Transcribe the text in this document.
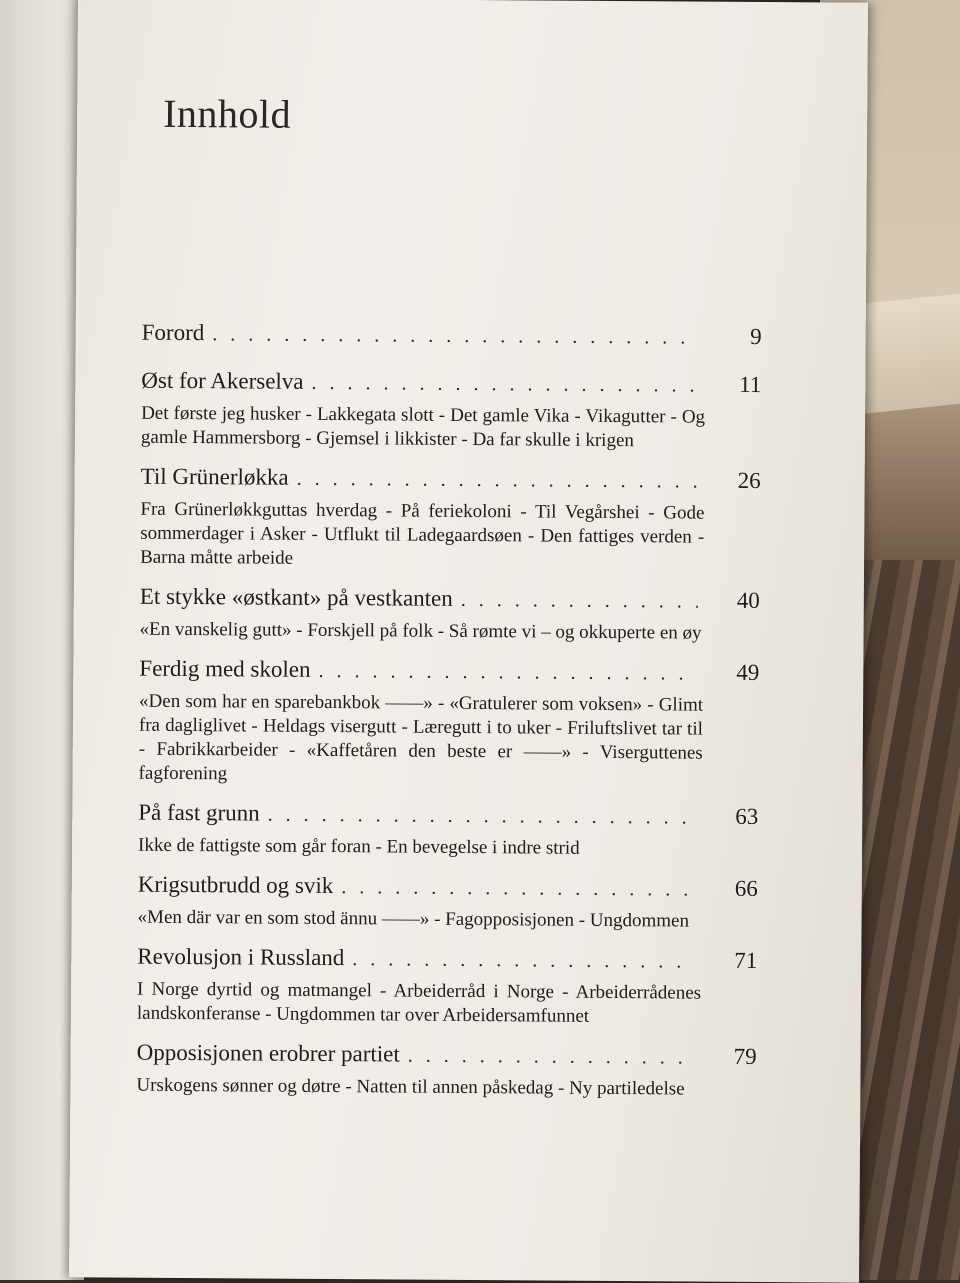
Innhold
Forord . . .	9
Øst for Akerselva . . .	11
Det første jeg husker - Lakkegata slott - Det gamle Vika - Vikagutter - Og gamle Hammersborg - Gjemsel i likkister - Da far skulle i krigen
Til Grünerløkka . . .	26
Fra Grünerløkkguttas hverdag - På feriekoloni - Til Vegårshei - Gode sommerdager i Asker - Utflukt til Ladegaardsøen - Den fattiges verden - Barna måtte arbeide
Et stykke «østkant» på vestkanten . . .	40
«En vanskelig gutt» - Forskjell på folk - Så rømte vi – og okkuperte en øy
Ferdig med skolen . . .	49
«Den som har en sparebankbok ——» - «Gratulerer som voksen» - Glimt fra dagliglivet - Heldags visergutt - Læregutt i to uker - Friluftslivet tar til - Fabrikkarbeider - «Kaffetåren den beste er ——» - Viserguttenes fagforening
På fast grunn . . .	63
Ikke de fattigste som går foran - En bevegelse i indre strid
Krigsutbrudd og svik . . .	66
«Men där var en som stod ännu ——» - Fagopposisjonen - Ungdommen
Revolusjon i Russland . . .	71
I Norge dyrtid og matmangel - Arbeiderråd i Norge - Arbeiderrådenes landskonferanse - Ungdommen tar over Arbeidersamfunnet
Opposisjonen erobrer partiet . . .	79
Urskogens sønner og døtre - Natten til annen påskedag - Ny partiledelse
